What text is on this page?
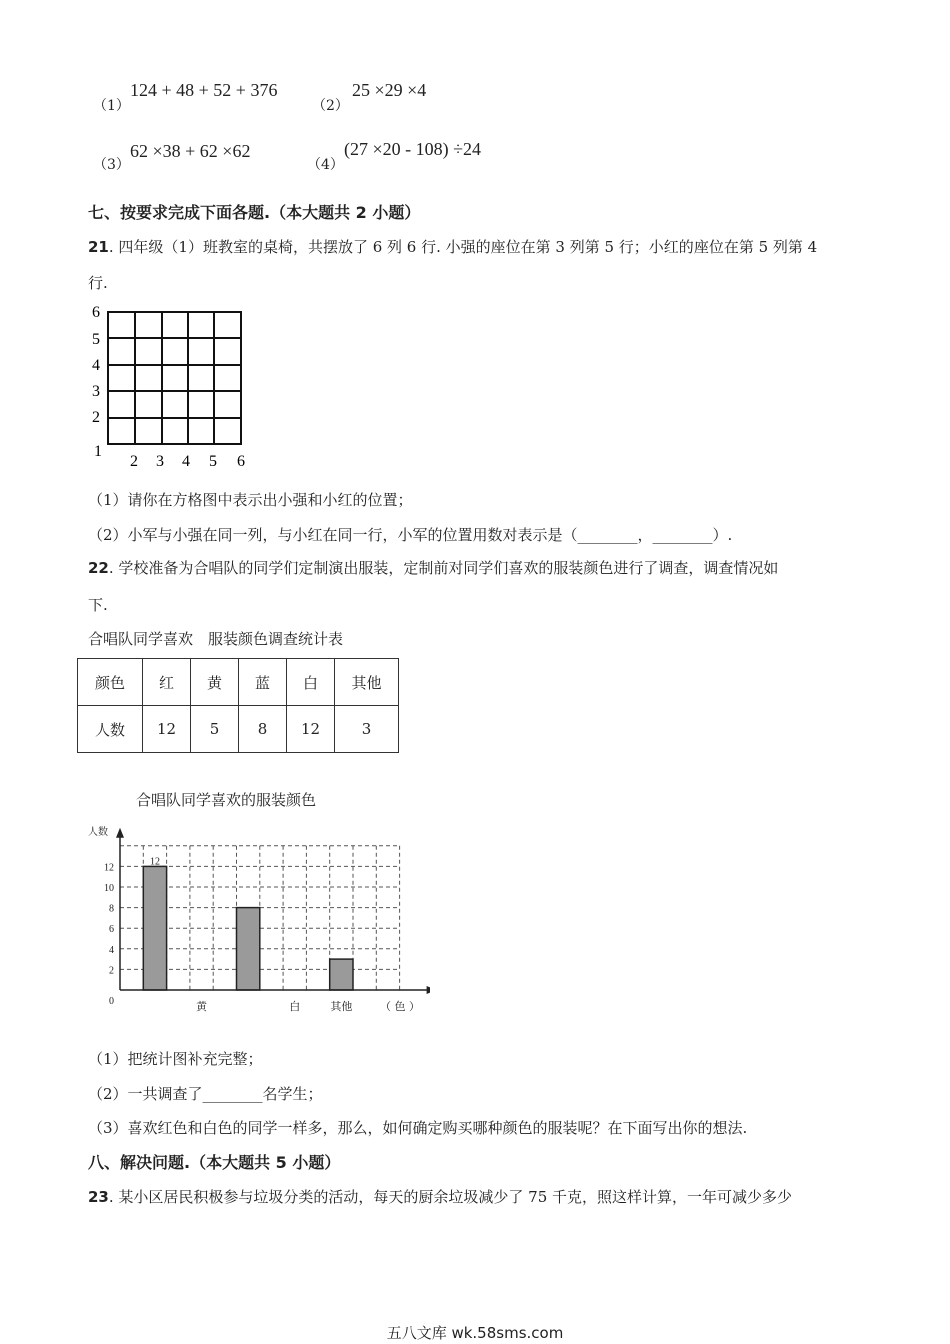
（1）
124 + 48 + 52 + 376
（2）
25 ×29 ×4
（3）
62 ×38 + 62 ×62
（4）
(27 ×20 - 108) ÷24
七、按要求完成下面各题.（本大题共 2 小题）
21. 四年级（1）班教室的桌椅，共摆放了 6 列 6 行. 小强的座位在第 3 列第 5 行；小红的座位在第 5 列第 4
行.
6
5
4
3
2
1
2 3 4 5 6
（1）请你在方格图中表示出小强和小红的位置；
（2）小军与小强在同一列，与小红在同一行，小军的位置用数对表示是（________，________）.
22. 学校准备为合唱队的同学们定制演出服装，定制前对同学们喜欢的服装颜色进行了调查，调查情况如
下.
合唱队同学喜欢　服装颜色调查统计表
颜色	红	黄	蓝	白	其他
人数	12	5	8	12	3
合唱队同学喜欢的服装颜色
人数
12
0
2
4
6
8
10
12
黄	白	其他	（ 色 ）
（1）把统计图补充完整；
（2）一共调查了________名学生；
（3）喜欢红色和白色的同学一样多，那么，如何确定购买哪种颜色的服装呢？在下面写出你的想法.
八、解决问题.（本大题共 5 小题）
23. 某小区居民积极参与垃圾分类的活动，每天的厨余垃圾减少了 75 千克，照这样计算，一年可减少多少
五八文库 wk.58sms.com
